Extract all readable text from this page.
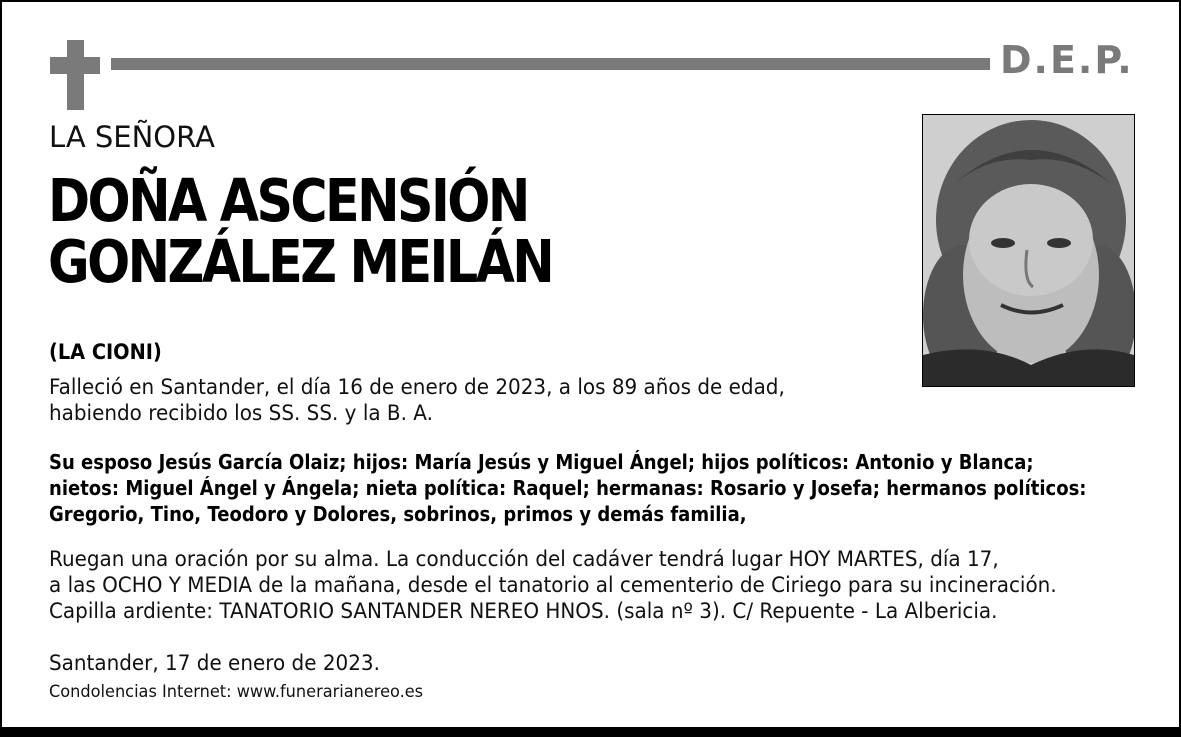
D.E.P.
LA SEÑORA
DOÑA ASCENSIÓN
GONZÁLEZ MEILÁN
(LA CIONI)
Falleció en Santander, el día 16 de enero de 2023, a los 89 años de edad,
habiendo recibido los SS. SS. y la B. A.
Su esposo Jesús García Olaiz; hijos: María Jesús y Miguel Ángel; hijos políticos: Antonio y Blanca;
nietos: Miguel Ángel y Ángela; nieta política: Raquel; hermanas: Rosario y Josefa; hermanos políticos:
Gregorio, Tino, Teodoro y Dolores, sobrinos, primos y demás familia,
Ruegan una oración por su alma. La conducción del cadáver tendrá lugar HOY MARTES, día 17,
a las OCHO Y MEDIA de la mañana, desde el tanatorio al cementerio de Ciriego para su incineración.
Capilla ardiente: TANATORIO SANTANDER NEREO HNOS. (sala nº 3). C/ Repuente - La Albericia.
Santander, 17 de enero de 2023.
Condolencias Internet: www.funerarianereo.es
